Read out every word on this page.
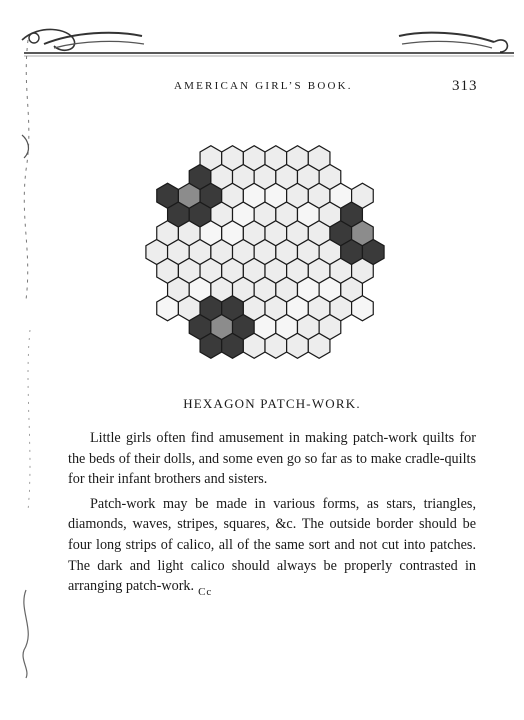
AMERICAN GIRL’S BOOK.	313
HEXAGON PATCH-WORK.

Little girls often find amusement in making patch-work quilts for the beds of their dolls, and some even go so far as to make cradle-quilts for their infant brothers and sisters.

Patch-work may be made in various forms, as stars, triangles, diamonds, waves, stripes, squares, &c. The outside border should be four long strips of calico, all of the same sort and not cut into patches. The dark and light calico should always be properly contrasted in arranging patch-work. $_{Cc}$
